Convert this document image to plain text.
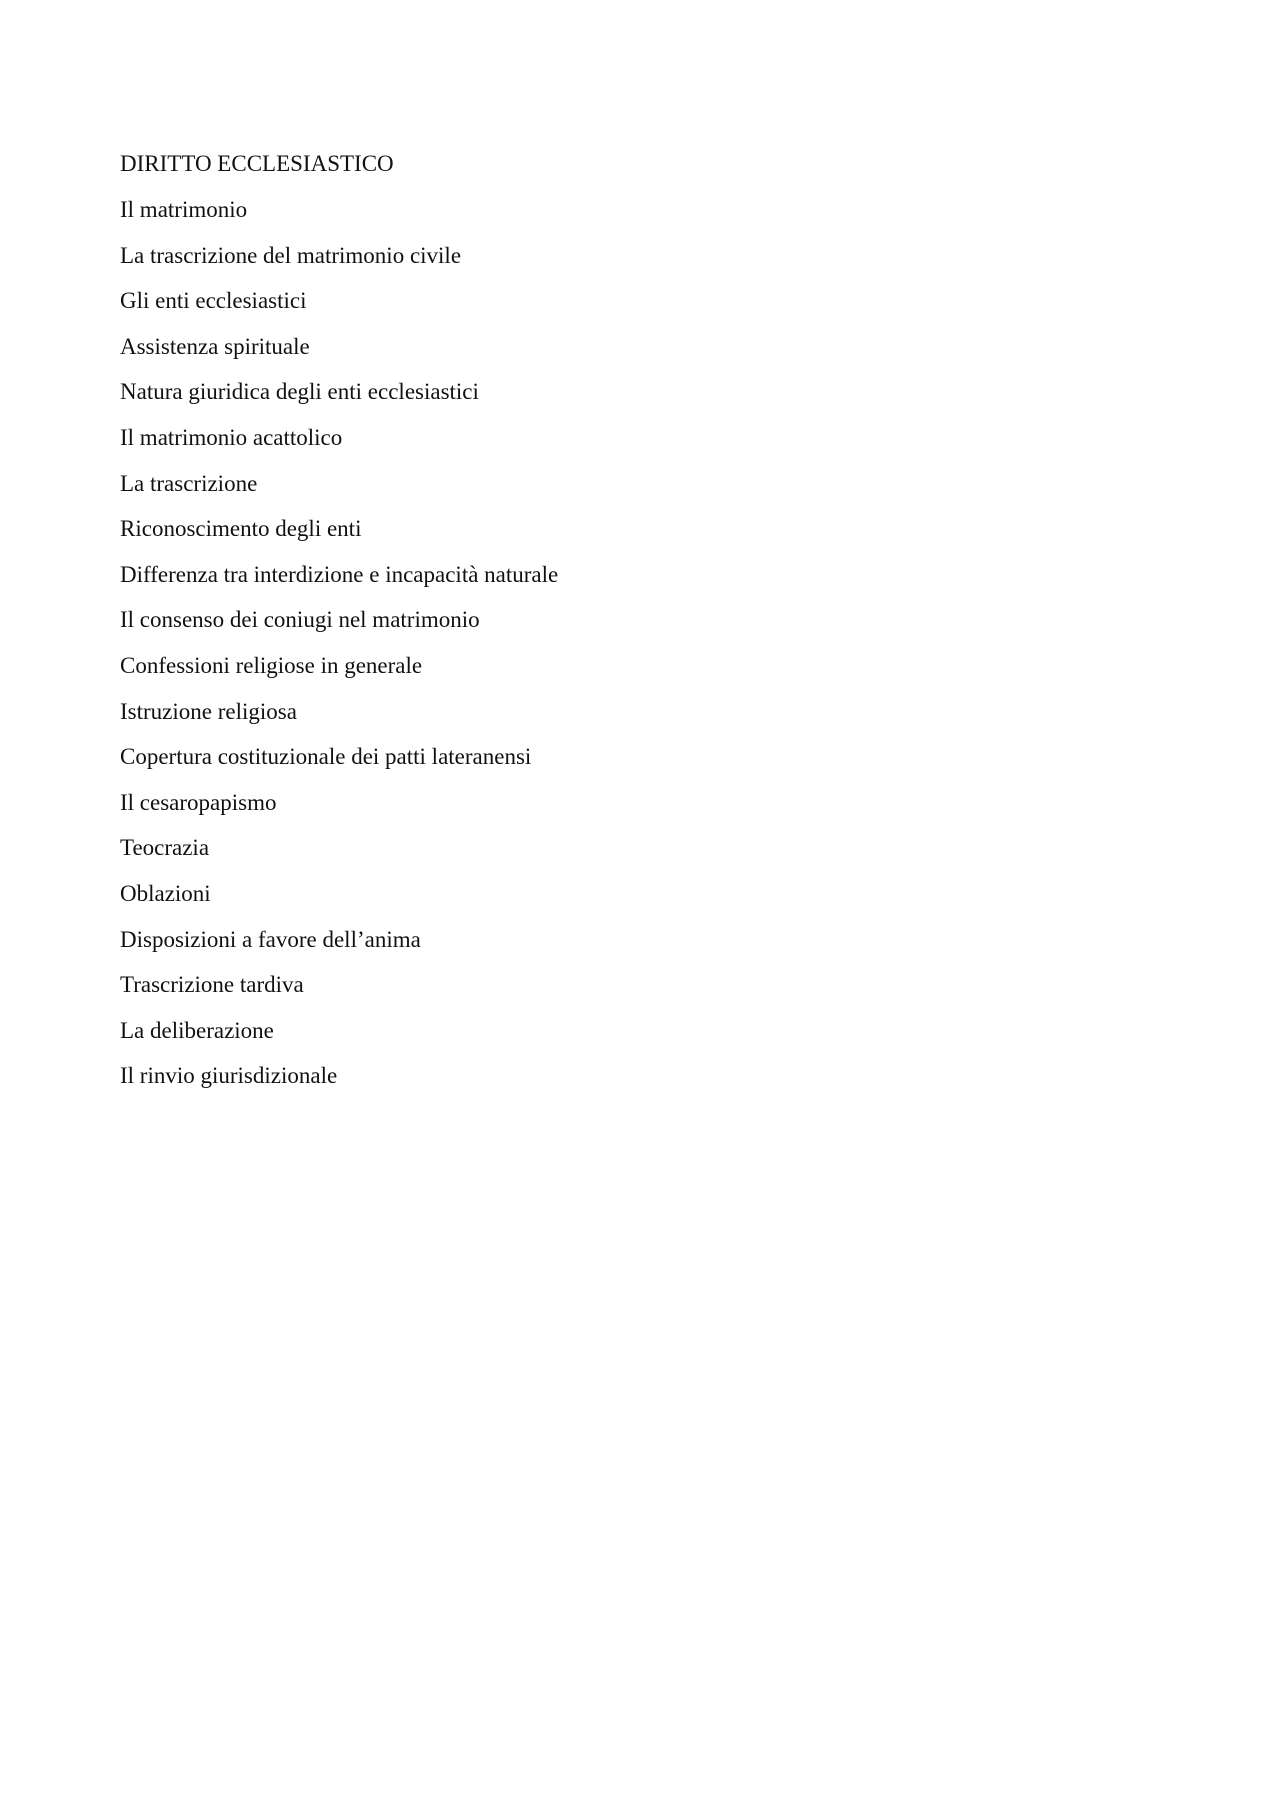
DIRITTO ECCLESIASTICO
Il matrimonio
La trascrizione del matrimonio civile
Gli enti ecclesiastici
Assistenza spirituale
Natura giuridica degli enti ecclesiastici
Il matrimonio acattolico
La trascrizione
Riconoscimento degli enti
Differenza tra interdizione e incapacità naturale
Il consenso dei coniugi nel matrimonio
Confessioni religiose in generale
Istruzione religiosa
Copertura costituzionale dei patti lateranensi
Il cesaropapismo
Teocrazia
Oblazioni
Disposizioni a favore dell’anima
Trascrizione tardiva
La deliberazione
Il rinvio giurisdizionale
